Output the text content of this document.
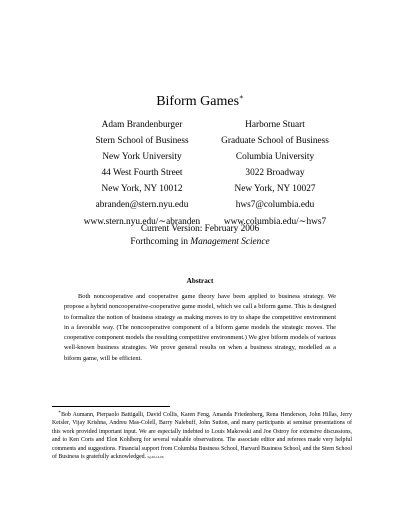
Biform Games∗
Adam Brandenburger
Stern School of Business
New York University
44 West Fourth Street
New York, NY 10012
abranden@stern.nyu.edu
www.stern.nyu.edu/∼abranden
Harborne Stuart
Graduate School of Business
Columbia University
3022 Broadway
New York, NY 10027
hws7@columbia.edu
www.columbia.edu/∼hws7
Current Version: February 2006
Forthcoming in Management Science
Abstract
Both noncooperative and cooperative game theory have been applied to business strategy. We propose a hybrid noncooperative-cooperative game model, which we call a biform game. This is designed to formalize the notion of business strategy as making moves to try to shape the competitive environment in a favorable way. (The noncooperative component of a biform game models the strategic moves. The cooperative component models the resulting competitive environment.) We give biform models of various well-known business strategies. We prove general results on when a business strategy, modelled as a biform game, will be efficient.
∗Bob Aumann, Pierpaolo Battigalli, David Collis, Karen Feng, Amanda Friedenberg, Rena Henderson, John Hillas, Jerry Keisler, Vijay Krishna, Andreu Mas-Colell, Barry Nalebuff, John Sutton, and many participants at seminar presentations of this work provided important input. We are especially indebted to Louis Makowski and Joe Ostroy for extensive discussions, and to Ken Corts and Elon Kohlberg for several valuable observations. The associate editor and referees made very helpful comments and suggestions. Financial support from Columbia Business School, Harvard Business School, and the Stern School of Business is gratefully acknowledged. bg-02-14-06
